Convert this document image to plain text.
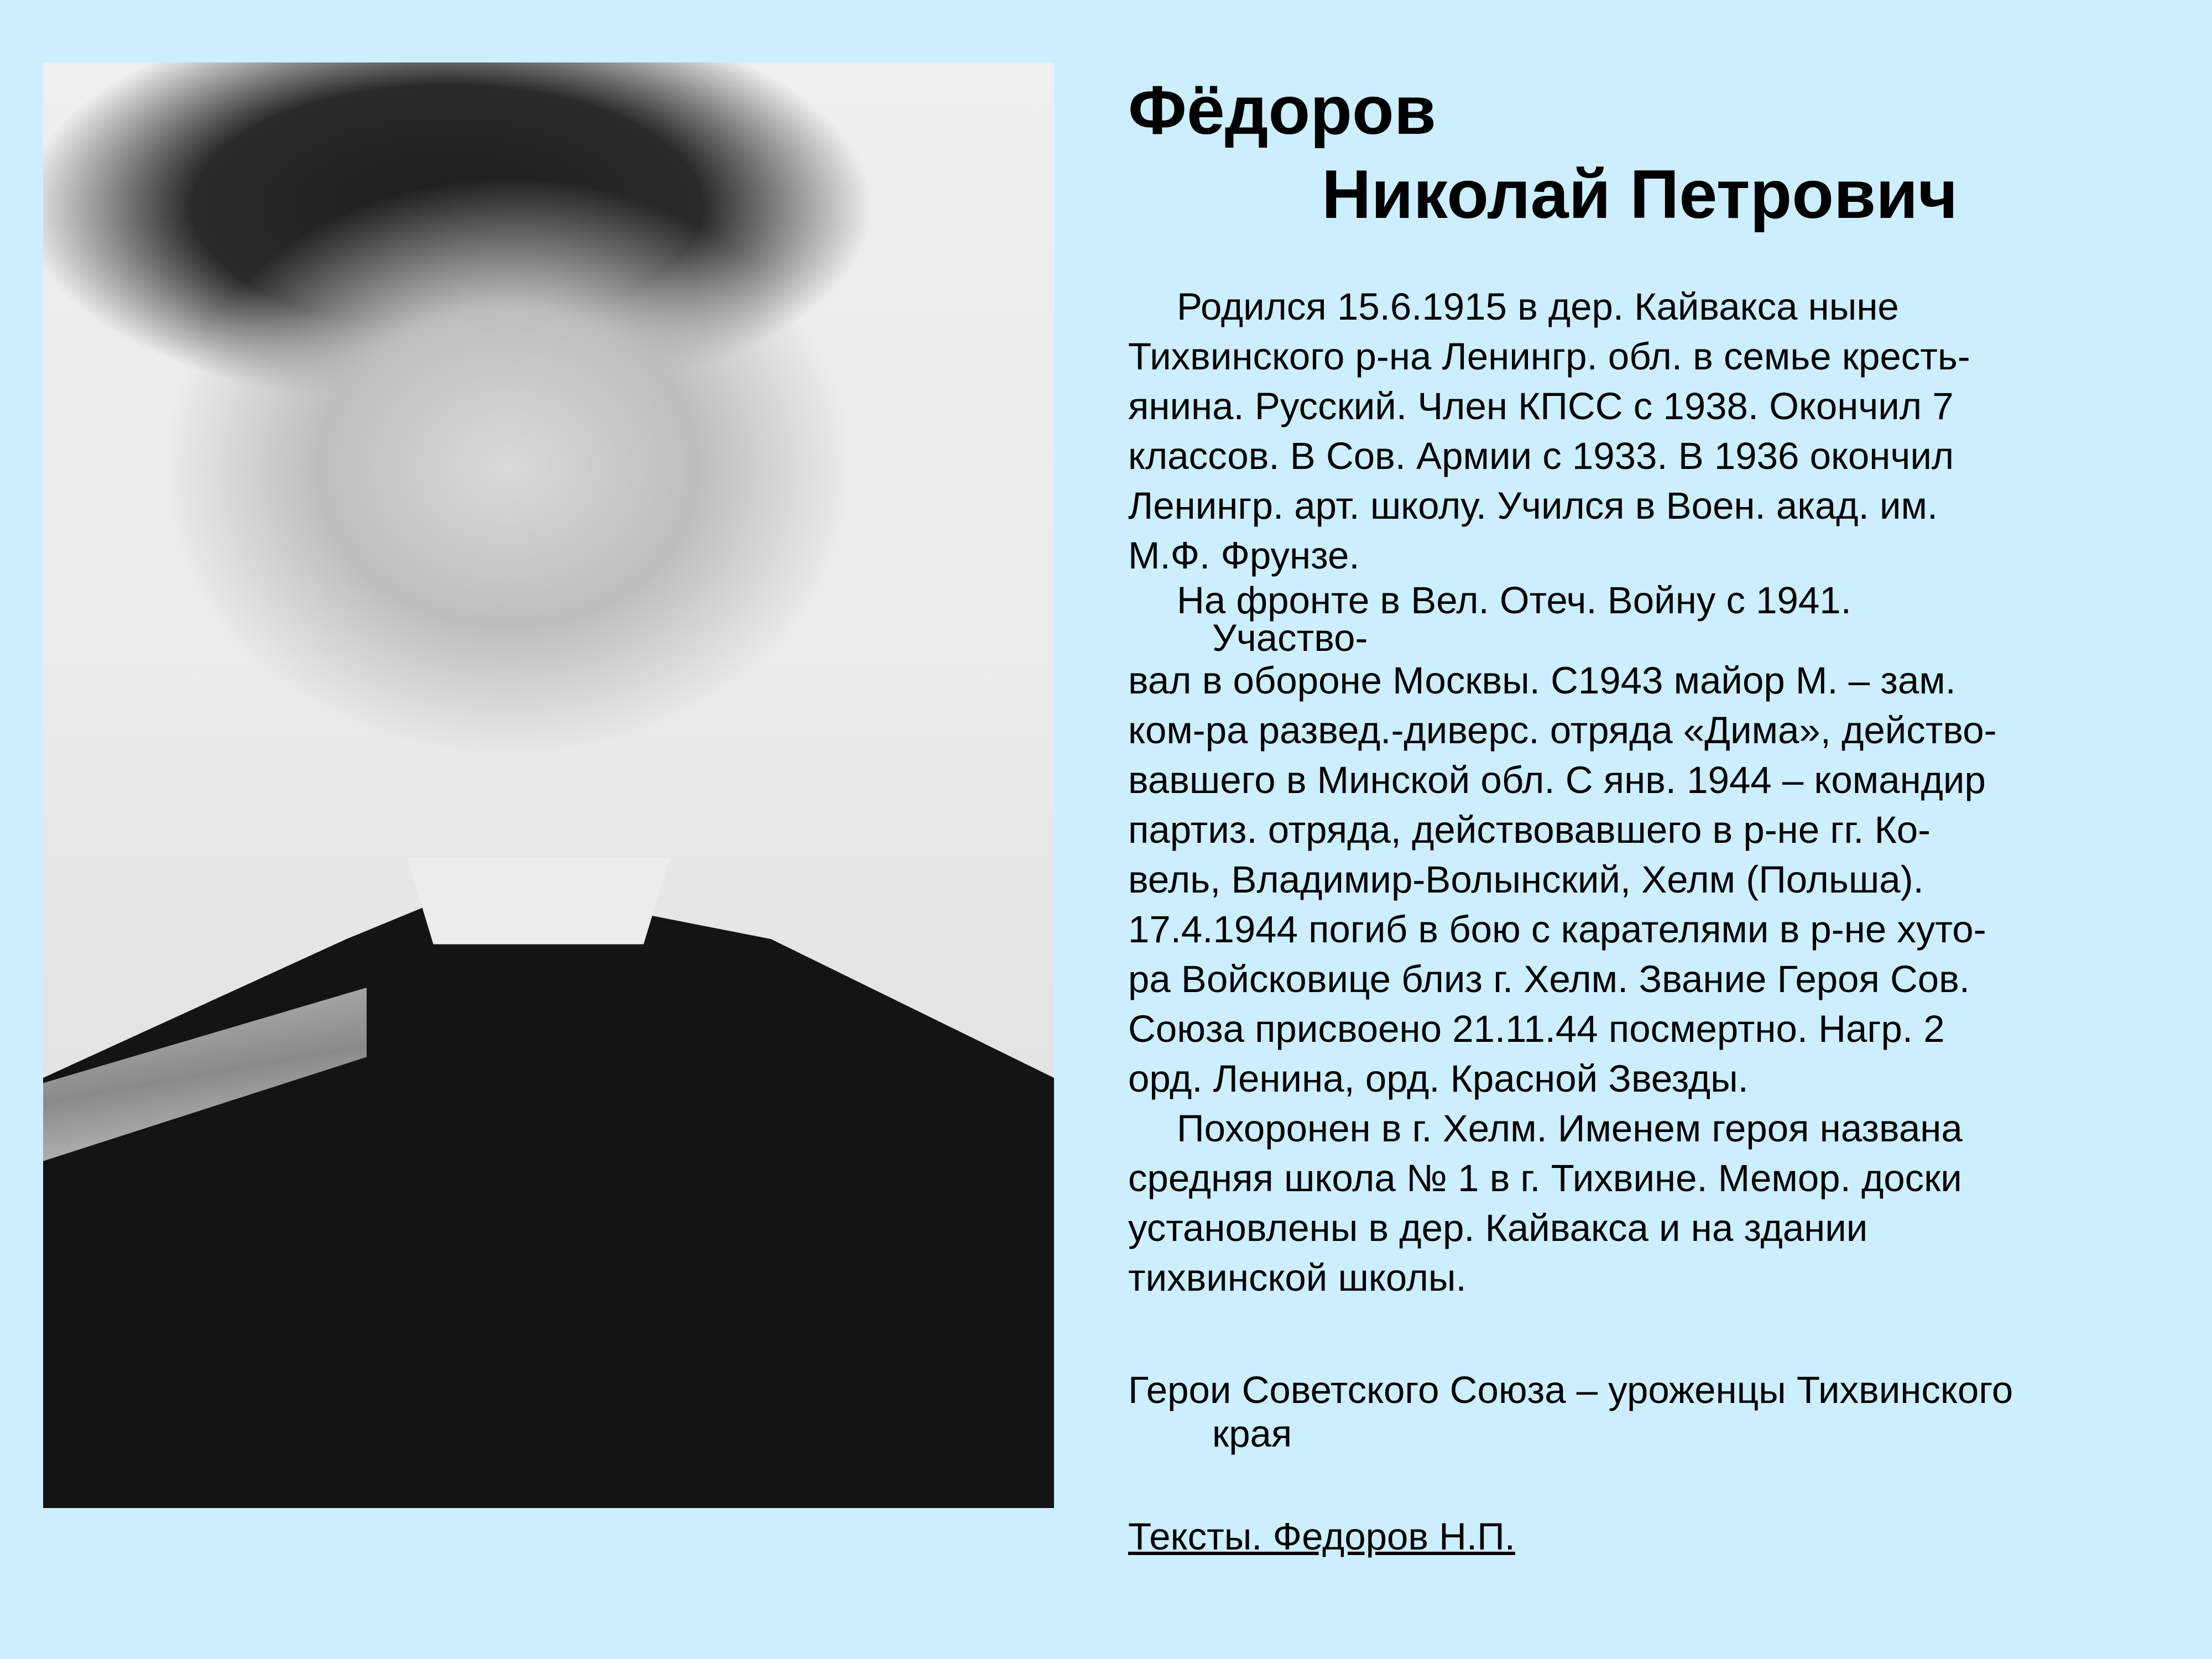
Фёдоров
Николай Петрович
Родился 15.6.1915 в дер. Кайвакса ныне
Тихвинского р-на Ленингр. обл. в семье кресть-
янина. Русский. Член КПСС с 1938. Окончил 7
классов. В Сов. Армии с 1933. В 1936 окончил
Ленингр. арт. школу. Учился в Воен. акад. им.
М.Ф. Фрунзе.
На фронте в Вел. Отеч. Войну с 1941.
Участво-
вал в обороне Москвы. С1943 майор М. – зам.
ком-ра развед.-диверс. отряда «Дима», действо-
вавшего в Минской обл. С янв. 1944 – командир
партиз. отряда, действовавшего в р-не гг. Ко-
вель, Владимир-Волынский, Хелм (Польша).
17.4.1944 погиб в бою с карателями в р-не хуто-
ра Войсковице близ г. Хелм. Звание Героя Сов.
Союза присвоено 21.11.44 посмертно. Нагр. 2
орд. Ленина, орд. Красной Звезды.
Похоронен в г. Хелм. Именем героя названа
средняя школа № 1 в г. Тихвине. Мемор. доски
установлены в дер. Кайвакса и на здании
тихвинской школы.
Герои Советского Союза – уроженцы Тихвинского
края
Тексты. Федоров Н.П.
